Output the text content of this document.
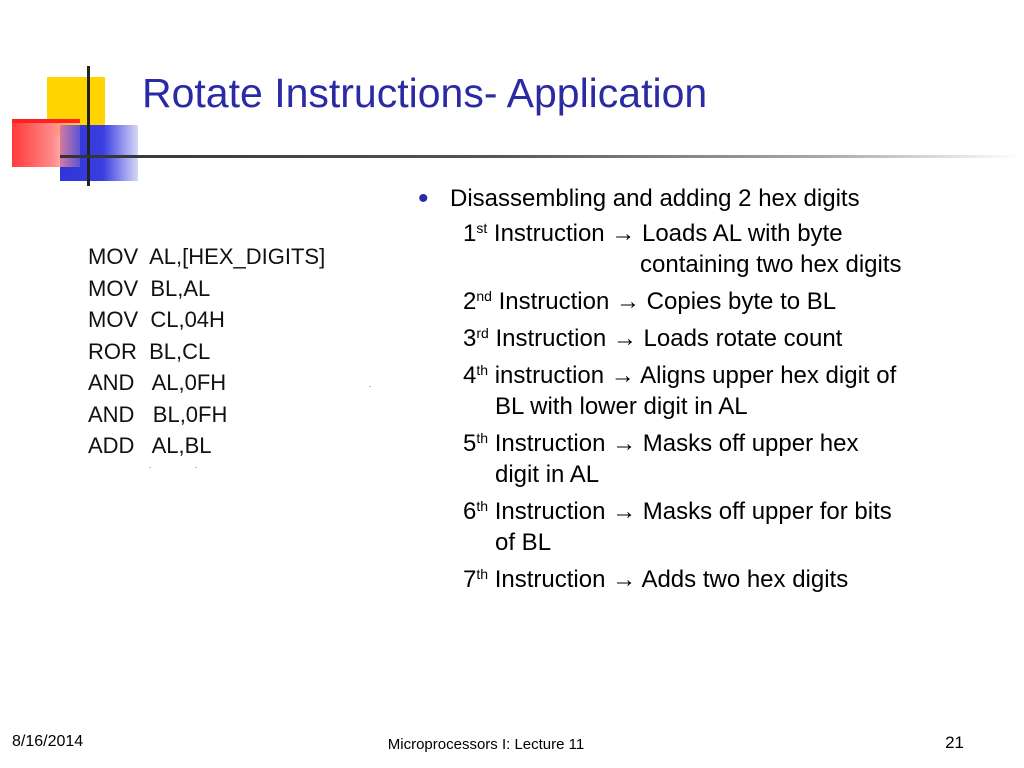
Rotate Instructions- Application
MOV  AL,[HEX_DIGITS]
MOV  BL,AL
MOV  CL,04H
ROR  BL,CL
AND   AL,0FH
AND   BL,0FH
ADD   AL,BL
• Disassembling and adding 2 hex digits
1st Instruction → Loads AL with byte
containing two hex digits
2nd Instruction → Copies byte to BL
3rd Instruction → Loads rotate count
4th instruction → Aligns upper hex digit of
BL with lower digit in AL
5th Instruction → Masks off upper hex
digit in AL
6th Instruction → Masks off upper for bits
of BL
7th Instruction → Adds two hex digits
8/16/2014	Microprocessors I: Lecture 11	21
